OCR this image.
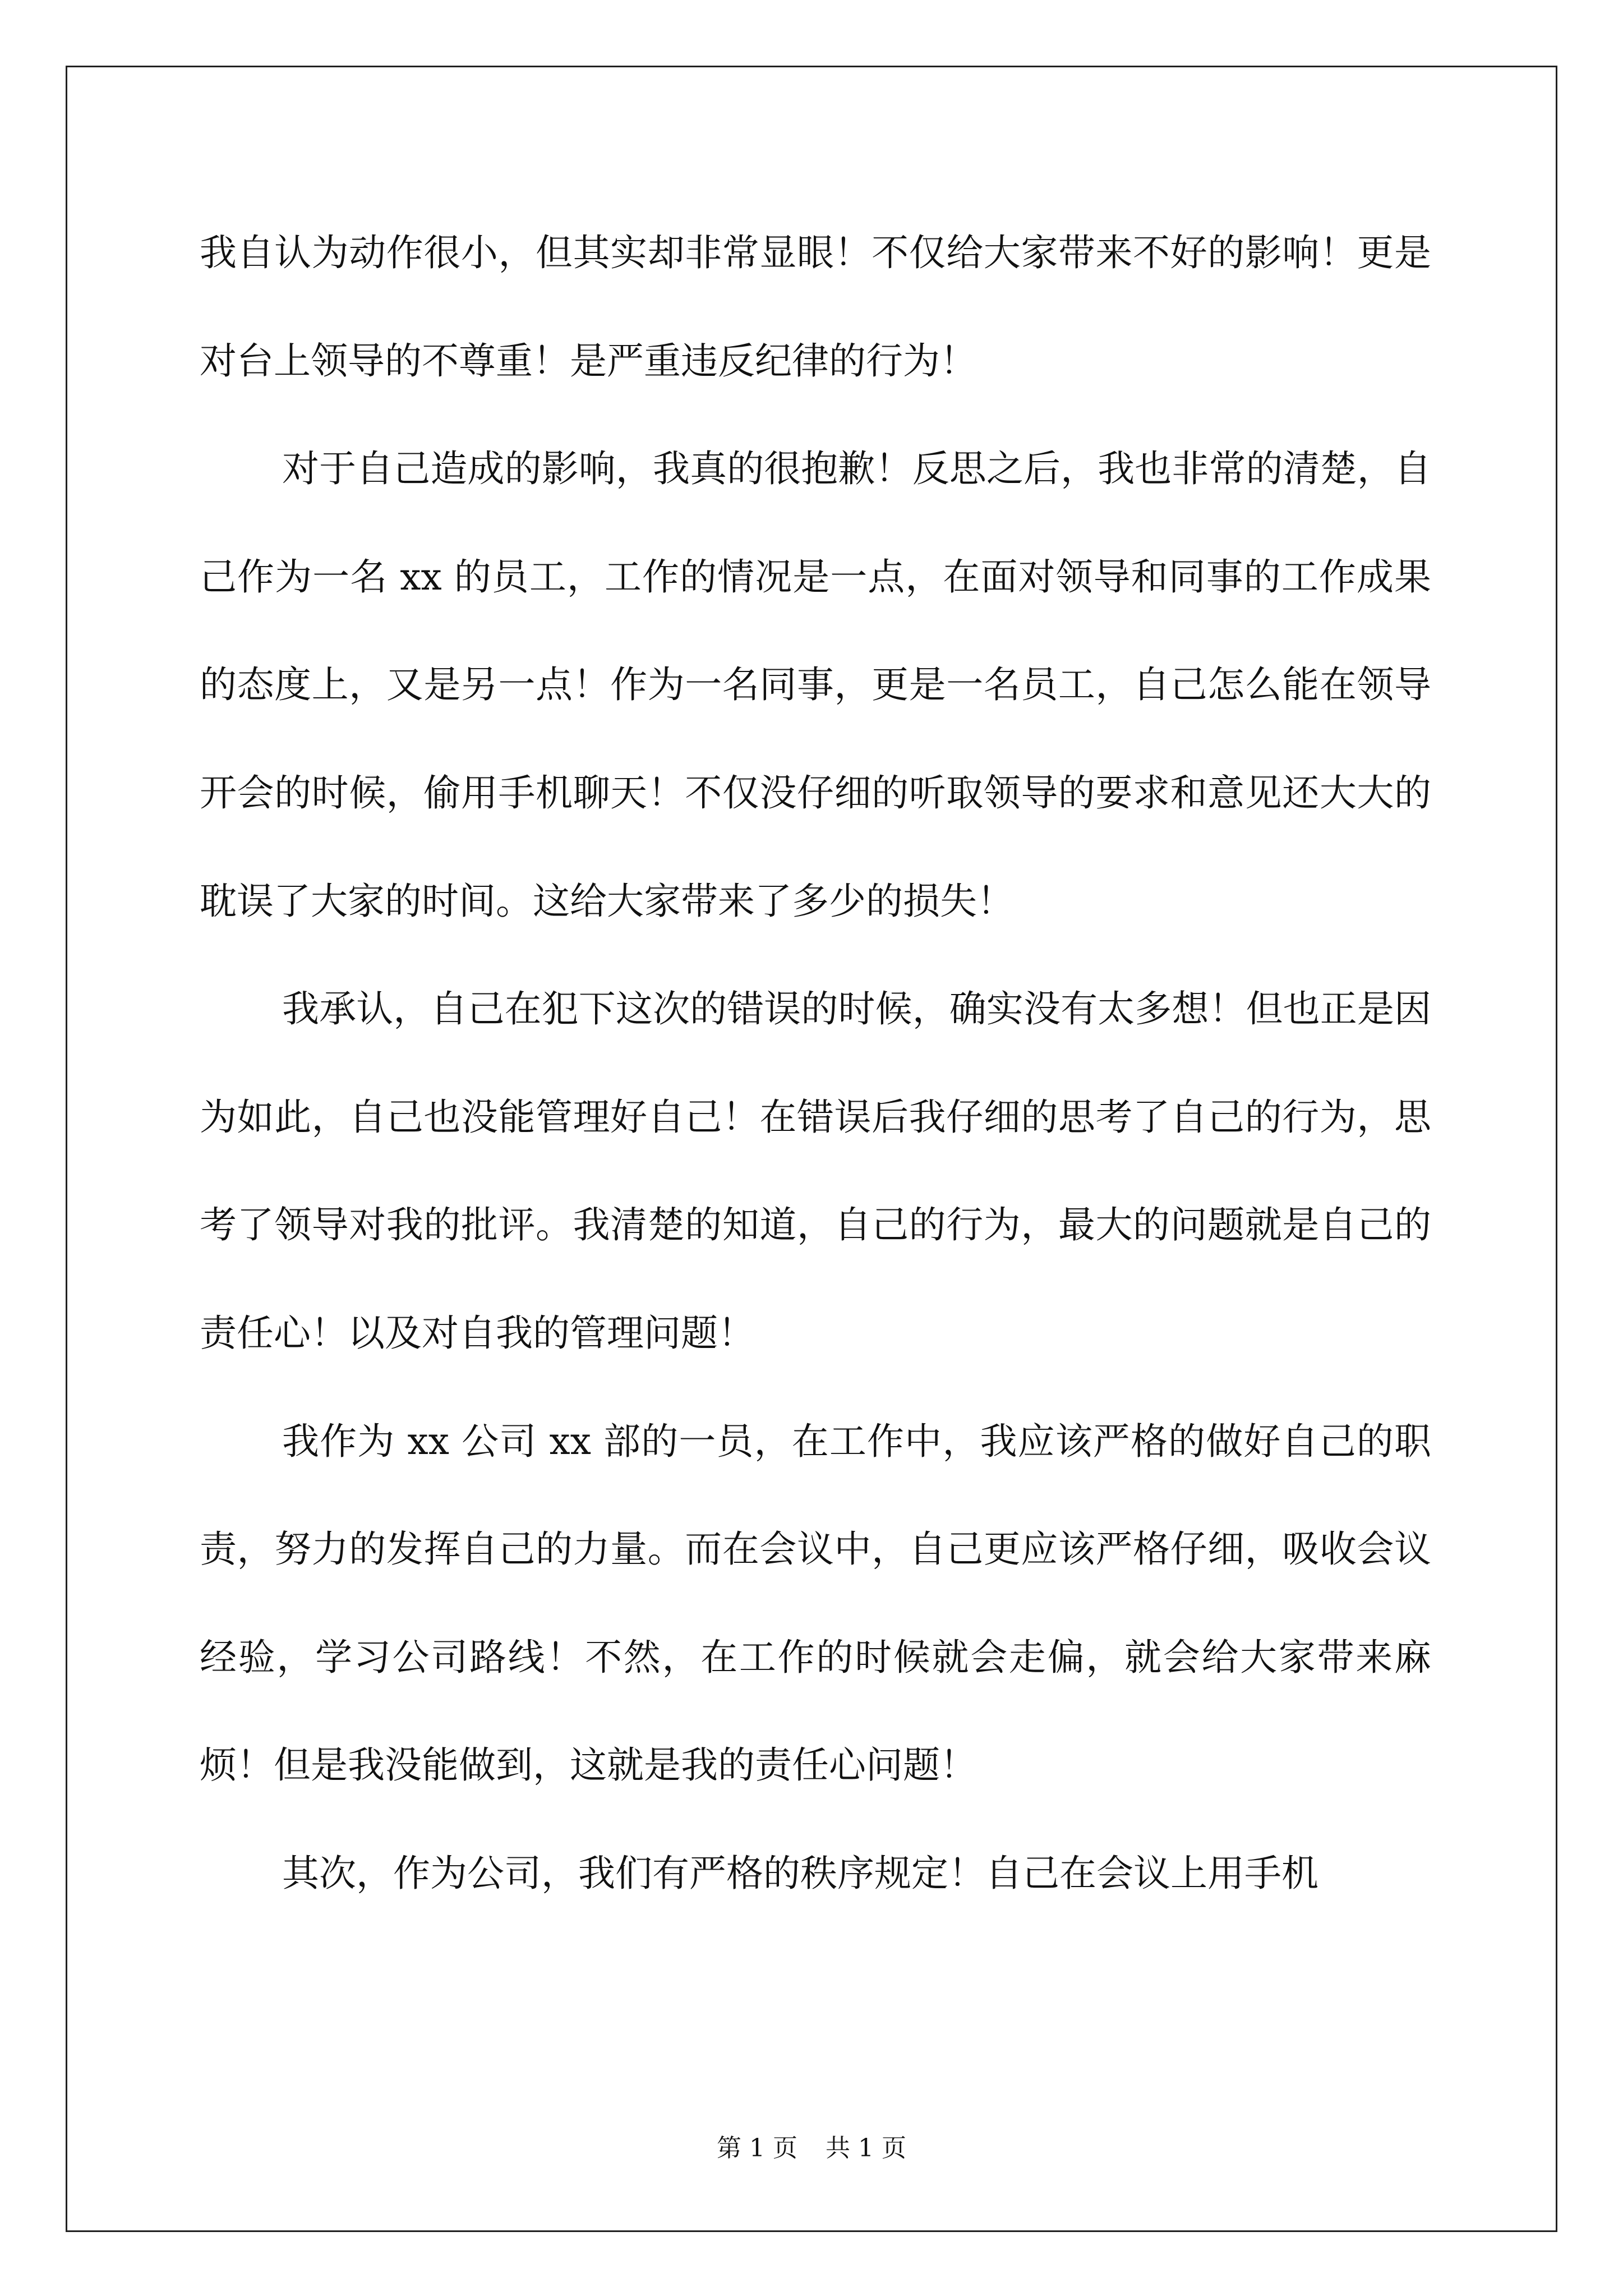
我自认为动作很小，但其实却非常显眼！不仅给大家带来不好的影响！更是对台上领导的不尊重！是严重违反纪律的行为！

对于自己造成的影响，我真的很抱歉！反思之后，我也非常的清楚，自己作为一名 xx 的员工，工作的情况是一点，在面对领导和同事的工作成果的态度上，又是另一点！作为一名同事，更是一名员工，自己怎么能在领导开会的时候，偷用手机聊天！不仅没仔细的听取领导的要求和意见还大大的耽误了大家的时间。这给大家带来了多少的损失！

我承认，自己在犯下这次的错误的时候，确实没有太多想！但也正是因为如此，自己也没能管理好自己！在错误后我仔细的思考了自己的行为，思考了领导对我的批评。我清楚的知道，自己的行为，最大的问题就是自己的责任心！以及对自我的管理问题！

我作为 xx 公司 xx 部的一员，在工作中，我应该严格的做好自己的职责，努力的发挥自己的力量。而在会议中，自己更应该严格仔细，吸收会议经验，学习公司路线！不然，在工作的时候就会走偏，就会给大家带来麻烦！但是我没能做到，这就是我的责任心问题！

其次，作为公司，我们有严格的秩序规定！自己在会议上用手机

第 1 页 共 1 页
